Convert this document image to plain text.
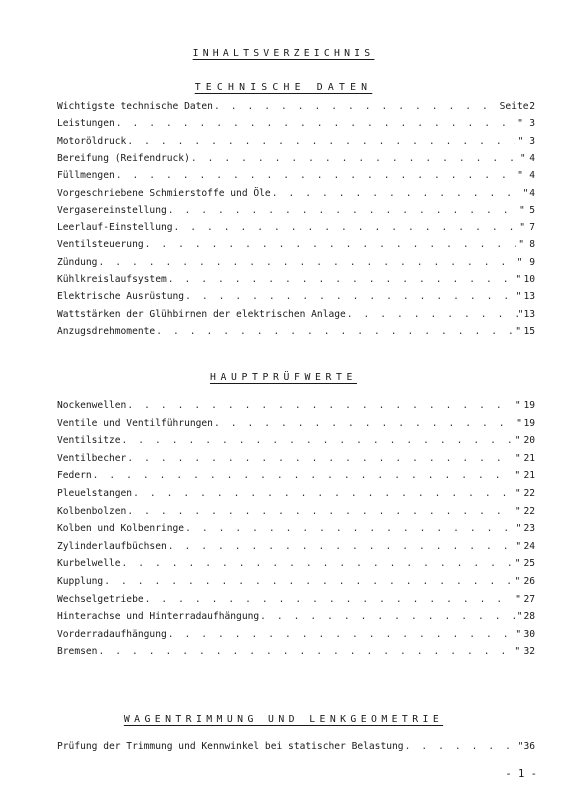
INHALTSVERZEICHNIS
TECHNISCHE DATEN
Wichtigste technische Daten . . .	Seite 2
Leistungen . . .	" 3
Motoröldruck . . .	" 3
Bereifung (Reifendruck) . . .	" 4
Füllmengen . . .	" 4
Vorgeschriebene Schmierstoffe und Öle . . .	" 4
Vergasereinstellung . . .	" 5
Leerlauf-Einstellung . . .	" 7
Ventilsteuerung . . .	" 8
Zündung . . .	" 9
Kühlkreislaufsystem . . .	" 10
Elektrische Ausrüstung . . .	" 13
Wattstärken der Glühbirnen der elektrischen Anlage . . .	" 13
Anzugsdrehmomente . . .	" 15
HAUPTPRÜFWERTE
Nockenwellen . . .	" 19
Ventile und Ventilführungen . . .	" 19
Ventilsitze . . .	" 20
Ventilbecher . . .	" 21
Federn . . .	" 21
Pleuelstangen . . .	" 22
Kolbenbolzen . . .	" 22
Kolben und Kolbenringe . . .	" 23
Zylinderlaufbüchsen . . .	" 24
Kurbelwelle . . .	" 25
Kupplung . . .	" 26
Wechselgetriebe . . .	" 27
Hinterachse und Hinterradaufhängung . . .	" 28
Vorderradaufhängung . . .	" 30
Bremsen . . .	" 32
WAGENTRIMMUNG UND LENKGEOMETRIE
Prüfung der Trimmung und Kennwinkel bei statischer Belastung . . .	" 36
- 1 -
